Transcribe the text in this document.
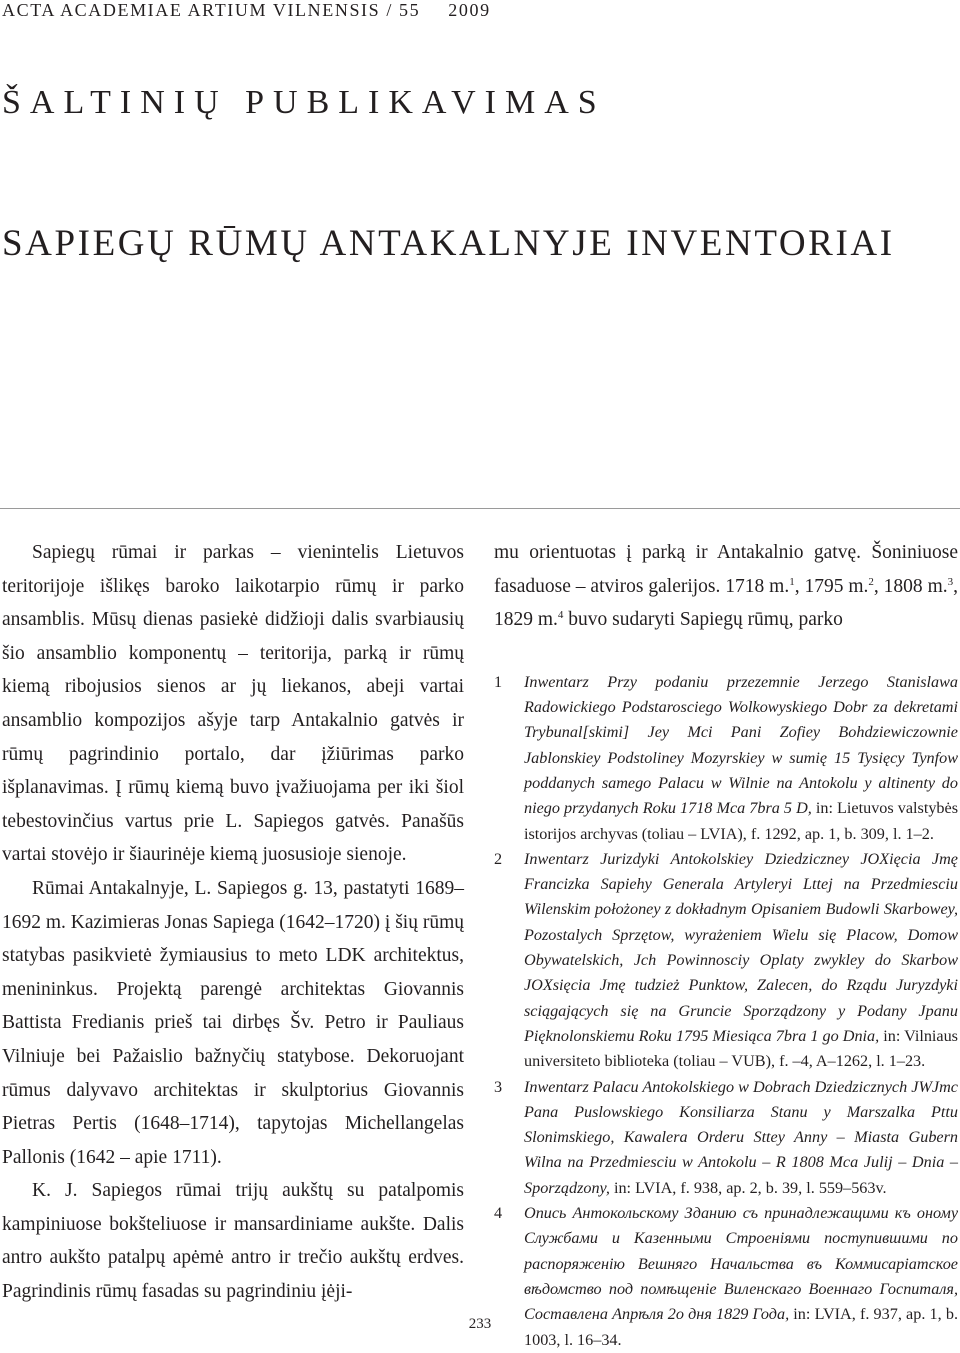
ACTA ACADEMIAE ARTIUM VILNENSIS / 55 2009
ŠALTINIŲ PUBLIKAVIMAS
SAPIEGŲ RŪMŲ ANTAKALNYJE INVENTORIAI

Sapiegų rūmai ir parkas – vienintelis Lietuvos teritorijoje išlikęs baroko laikotarpio rūmų ir parko ansamblis. Mūsų dienas pasiekė didžioji dalis svarbiausių šio ansamblio komponentų – teritorija, parką ir rūmų kiemą ribojusios sienos ar jų liekanos, abeji vartai ansamblio kompozijos ašyje tarp Antakalnio gatvės ir rūmų pagrindinio portalo, dar įžiūrimas parko išplanavimas. Į rūmų kiemą buvo įvažiuojama per iki šiol tebestovinčius vartus prie L. Sapiegos gatvės. Panašūs vartai stovėjo ir šiaurinėje kiemą juosusioje sienoje.

Rūmai Antakalnyje, L. Sapiegos g. 13, pastatyti 1689–1692 m. Kazimieras Jonas Sapiega (1642–1720) į šių rūmų statybas pasikvietė žymiausius to meto LDK architektus, menininkus. Projektą parengė architektas Giovannis Battista Fredianis prieš tai dirbęs Šv. Petro ir Pauliaus Vilniuje bei Pažaislio bažnyčių statybose. Dekoruojant rūmus dalyvavo architektas ir skulptorius Giovannis Pietras Pertis (1648–1714), tapytojas Michellangelas Pallonis (1642 – apie 1711).

K. J. Sapiegos rūmai trijų aukštų su patalpomis kampiniuose bokšteliuose ir mansardiniame aukšte. Dalis antro aukšto patalpų apėmė antro ir trečio aukštų erdves. Pagrindinis rūmų fasadas su pagrindiniu įėji-

mu orientuotas į parką ir Antakalnio gatvę. Šoniniuose fasaduose – atviros galerijos. 1718 m.$^1$, 1795 m.$^2$, 1808 m.$^3$, 1829 m.$^4$ buvo sudaryti Sapiegų rūmų, parko

1 Inwentarz Przy podaniu przezemnie Jerzego Stanislawa Radowickiego Podstarosciego Wolkowyskiego Dobr za dekretami Trybunal[skimi] Jey Mci Pani Zofiey Bohdziewiczownie Jablonskiey Podstoliney Mozyrskiey w sumię 15 Tysięcy Tynfow poddanych samego Palacu w Wilnie na Antokolu y altinenty do niego przydanych Roku 1718 Mca 7bra 5 D, in: Lietuvos valstybės istorijos archyvas (toliau – LVIA), f. 1292, ap. 1, b. 309, l. 1–2.

2 Inwentarz Jurizdyki Antokolskiey Dziedziczney JOXięcia Jmę Francizka Sapiehy Generala Artyleryi Lttej na Przedmiesciu Wilenskim położoney z dokładnym Opisaniem Budowli Skarbowey, Pozostalych Sprzętow, wyrażeniem Wielu się Placow, Domow Obywatelskich, Jch Powinnosciy Oplaty zwykley do Skarbow JOXsięcia Jmę tudzież Punktow, Zalecen, do Rządu Juryzdyki sciągających się na Gruncie Sporządzony y Podany Jpanu Pięknolonskiemu Roku 1795 Miesiąca 7bra 1 go Dnia, in: Vilniaus universiteto biblioteka (toliau – VUB), f. –4, A–1262, l. 1–23.

3 Inwentarz Palacu Antokolskiego w Dobrach Dziedzicznych JWJmc Pana Puslowskiego Konsiliarza Stanu y Marszalka Pttu Slonimskiego, Kawalera Orderu Sttey Anny – Miasta Gubern Wilna na Przedmiesciu w Antokolu – R 1808 Mca Julij – Dnia – Sporządzony, in: LVIA, f. 938, ap. 2, b. 39, l. 559–563v.

4 Опись Антокольскому Зданию съ принадлежащими къ оному Службами и Казенными Строеніями поступившими по распоряженію Вешняго Начальства въ Коммисаріатское вѣдомство под помѣщеніе Виленскаго Военнаго Госпиталя, Составлена Апрѣля 2о дня 1829 Года, in: LVIA, f. 937, ap. 1, b. 1003, l. 16–34.

233
